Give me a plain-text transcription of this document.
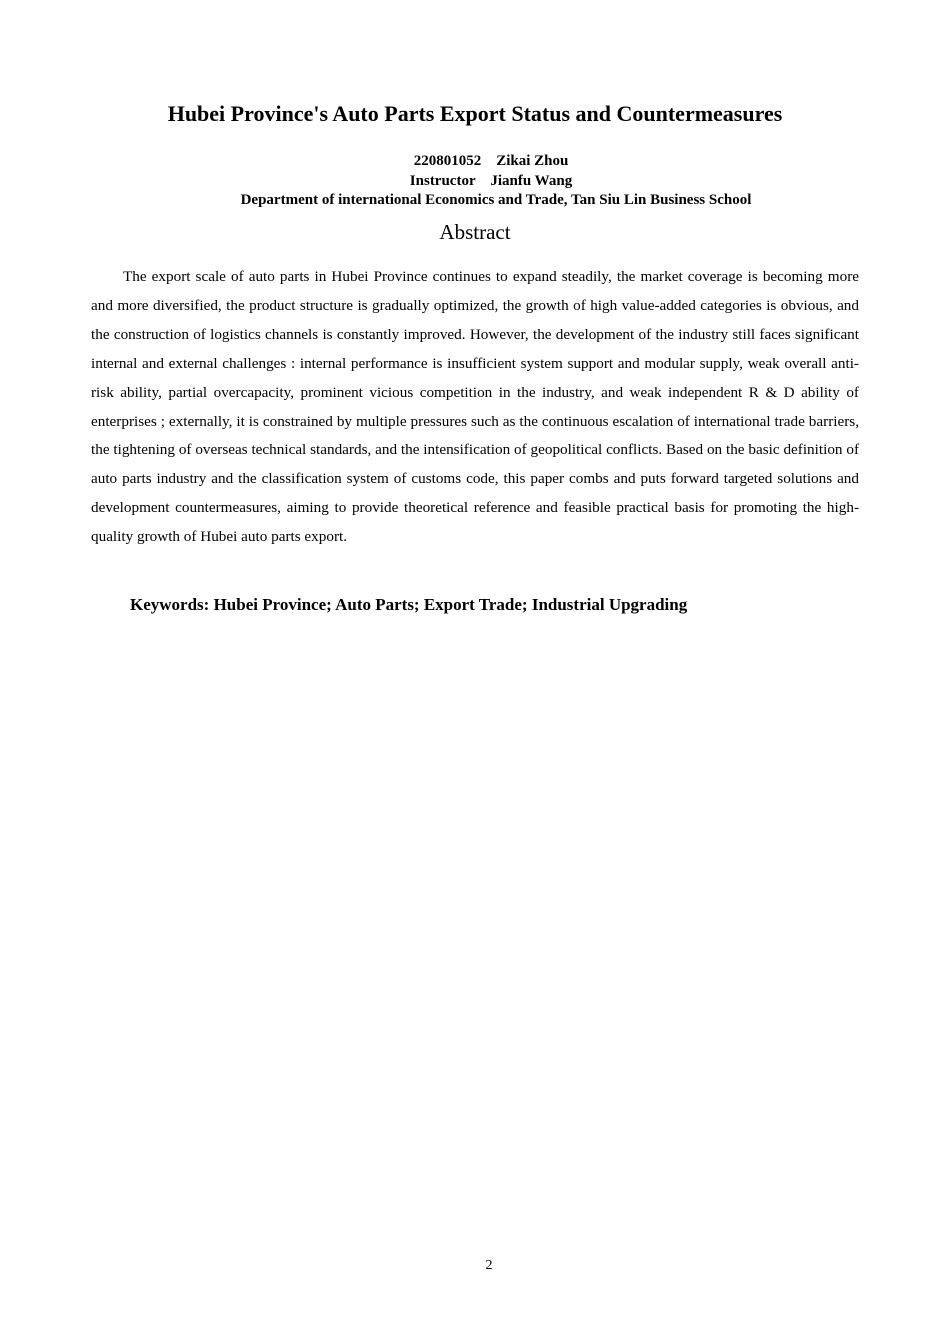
Hubei Province's Auto Parts Export Status and Countermeasures
220801052    Zikai Zhou
Instructor    Jianfu Wang
Department of international Economics and Trade, Tan Siu Lin Business School
Abstract

The export scale of auto parts in Hubei Province continues to expand steadily, the market coverage is becoming more and more diversified, the product structure is gradually optimized, the growth of high value-added categories is obvious, and the construction of logistics channels is constantly improved. However, the development of the industry still faces significant internal and external challenges : internal performance is insufficient system support and modular supply, weak overall anti-risk ability, partial overcapacity, prominent vicious competition in the industry, and weak independent R & D ability of enterprises ; externally, it is constrained by multiple pressures such as the continuous escalation of international trade barriers, the tightening of overseas technical standards, and the intensification of geopolitical conflicts. Based on the basic definition of auto parts industry and the classification system of customs code, this paper combs and puts forward targeted solutions and development countermeasures, aiming to provide theoretical reference and feasible practical basis for promoting the high-quality growth of Hubei auto parts export.

Keywords: Hubei Province; Auto Parts; Export Trade; Industrial Upgrading
2
